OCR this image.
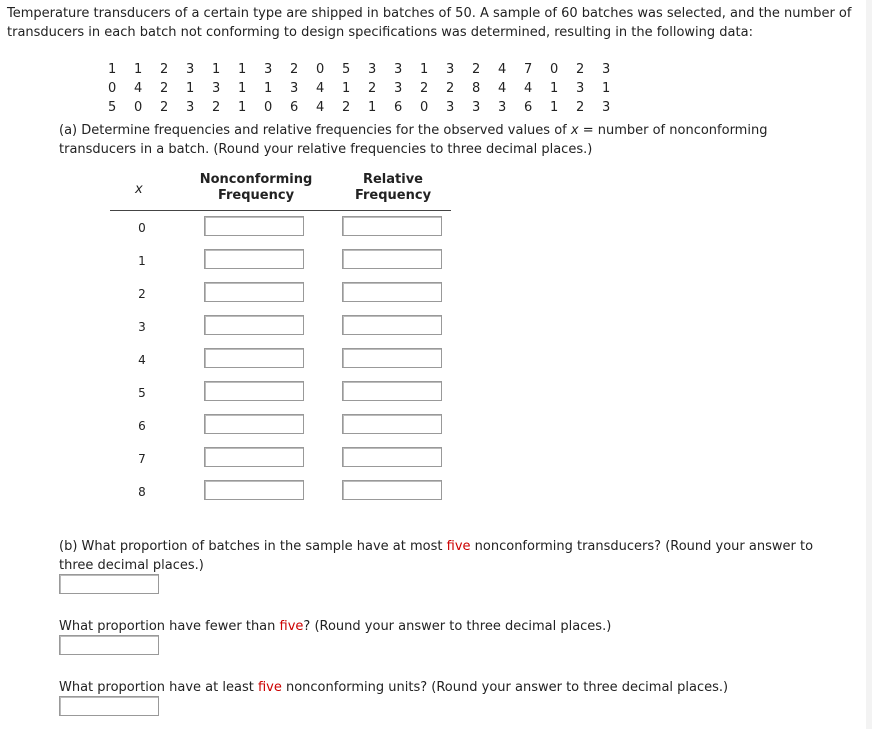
Temperature transducers of a certain type are shipped in batches of 50. A sample of 60 batches was selected, and the number of transducers in each batch not conforming to design specifications was determined, resulting in the following data:
1 1 2 3 1 1 3 2 0 5 3 3 1 3 2 4 7 0 2 3
0 4 2 1 3 1 1 3 4 1 2 3 2 2 8 4 4 1 3 1
5 0 2 3 2 1 0 6 4 2 1 6 0 3 3 3 6 1 2 3
(a) Determine frequencies and relative frequencies for the observed values of x = number of nonconforming transducers in a batch. (Round your relative frequencies to three decimal places.)
x
Nonconforming
Frequency
Relative
Frequency
0
1
2
3
4
5
6
7
8
(b) What proportion of batches in the sample have at most five nonconforming transducers? (Round your answer to three decimal places.)
What proportion have fewer than five? (Round your answer to three decimal places.)
What proportion have at least five nonconforming units? (Round your answer to three decimal places.)
